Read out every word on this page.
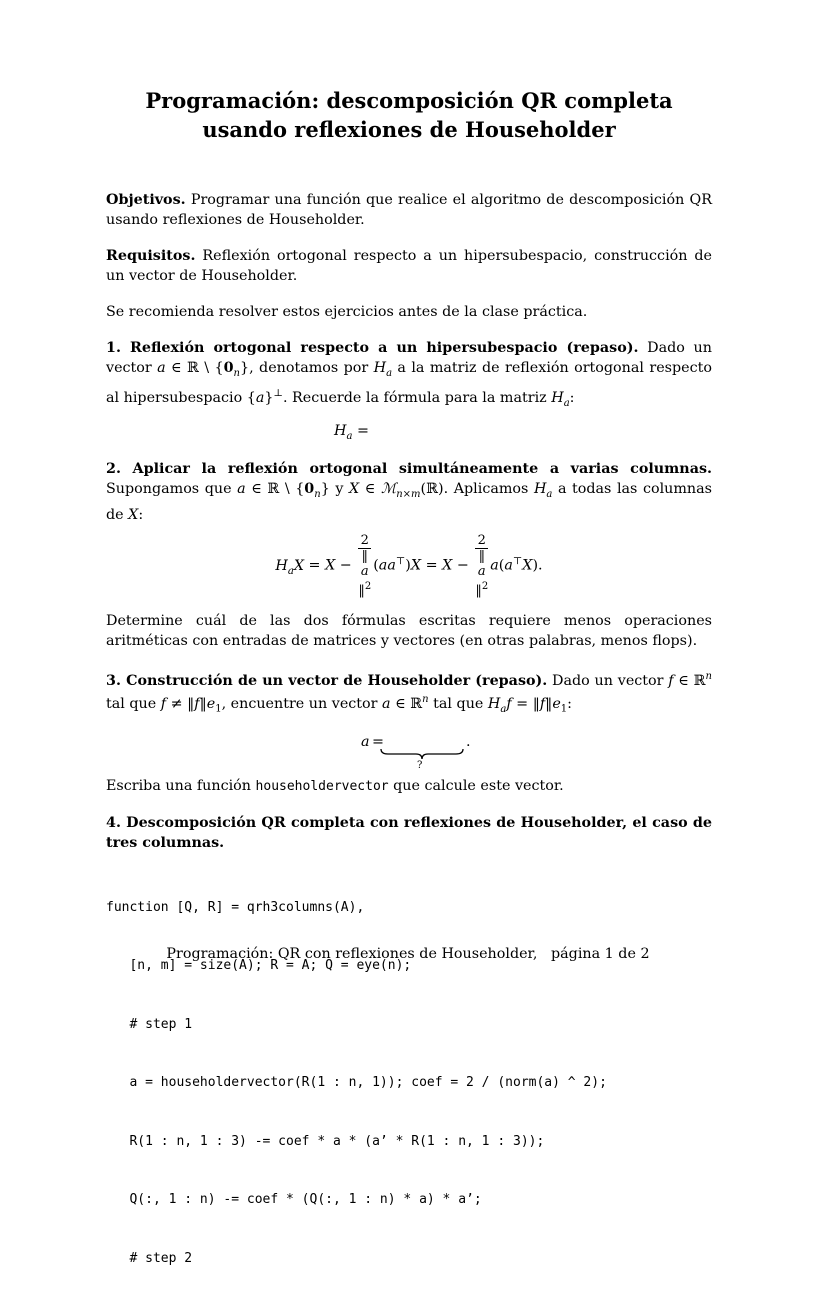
Programación: descomposición QR completa
usando reflexiones de Householder

Objetivos. Programar una función que realice el algoritmo de descomposición QR usando reflexiones de Householder.

Requisitos. Reflexión ortogonal respecto a un hipersubespacio, construcción de un vector de Householder.

Se recomienda resolver estos ejercicios antes de la clase práctica.

1. Reflexión ortogonal respecto a un hipersubespacio (repaso). Dado un vector a ∈ ℝ \ $\{0_n\}$, denotamos por $H_a$ a la matriz de reflexión ortogonal respecto al hipersubespacio {a}⊥. Recuerde la fórmula para la matriz $H_a$:

$H_a$ =

2. Aplicar la reflexión ortogonal simultáneamente a varias columnas. Supongamos que a ∈ ℝ \ $\{0_n\}$ y X ∈ ℳ$_{n\times m}$(ℝ). Aplicamos $H_a$ a todas las columnas de X:

$H_aX = X - 2$
‖
a
‖$^2$ (aa⊤)X = X − 2
‖
a
‖$^2$ a(a⊤X).

Determine cuál de las dos fórmulas escritas requiere menos operaciones aritméticas con entradas de matrices y vectores (en otras palabras, menos flops).

3. Construcción de un vector de Householder (repaso). Dado un vector f ∈ ℝ$^n$ tal que $f \ne ‖f‖e_1$, encuentre un vector a ∈ ℝ$^n$ tal que $H_af$ = $‖f‖e_1$:

a =
?
.

Escriba una función householdervector que calcule este vector.

4. Descomposición QR completa con reflexiones de Householder, el caso de tres columnas.

function [Q, R] = qrh3columns(A),

[n, m] = size(A); R = A; Q = eye(n);

# step 1

a = householdervector(R(1 : n, 1)); coef = 2 / (norm(a) ^ 2);

R(1 : n, 1 : 3) -= coef * a * (a’ * R(1 : n, 1 : 3));

Q(:, 1 : n) -= coef * (Q(:, 1 : n) * a) * a’;

# step 2

Programación: QR con reflexiones de Householder,   página 1 de 2
